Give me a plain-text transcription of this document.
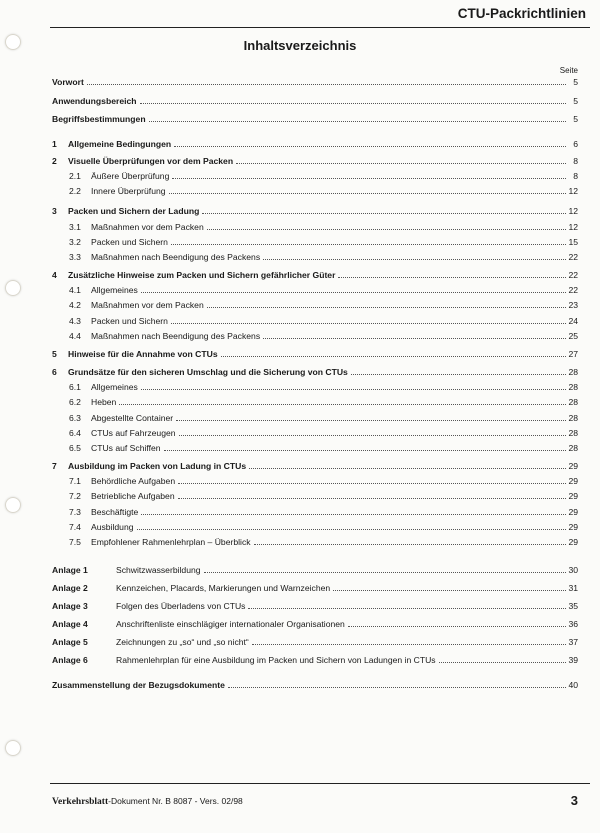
CTU-Packrichtlinien
Inhaltsverzeichnis
Seite
Vorwort	5
Anwendungsbereich	5
Begriffsbestimmungen	5
1	Allgemeine Bedingungen	6
2	Visuelle Überprüfungen vor dem Packen	8
2.1	Äußere Überprüfung	8
2.2	Innere Überprüfung	12
3	Packen und Sichern der Ladung	12
3.1	Maßnahmen vor dem Packen	12
3.2	Packen und Sichern	15
3.3	Maßnahmen nach Beendigung des Packens	22
4	Zusätzliche Hinweise zum Packen und Sichern gefährlicher Güter	22
4.1	Allgemeines	22
4.2	Maßnahmen vor dem Packen	23
4.3	Packen und Sichern	24
4.4	Maßnahmen nach Beendigung des Packens	25
5	Hinweise für die Annahme von CTUs	27
6	Grundsätze für den sicheren Umschlag und die Sicherung von CTUs	28
6.1	Allgemeines	28
6.2	Heben	28
6.3	Abgestellte Container	28
6.4	CTUs auf Fahrzeugen	28
6.5	CTUs auf Schiffen	28
7	Ausbildung im Packen von Ladung in CTUs	29
7.1	Behördliche Aufgaben	29
7.2	Betriebliche Aufgaben	29
7.3	Beschäftigte	29
7.4	Ausbildung	29
7.5	Empfohlener Rahmenlehrplan – Überblick	29
Anlage 1	Schwitzwasserbildung	30
Anlage 2	Kennzeichen, Placards, Markierungen und Warnzeichen	31
Anlage 3	Folgen des Überladens von CTUs	35
Anlage 4	Anschriftenliste einschlägiger internationaler Organisationen	36
Anlage 5	Zeichnungen zu „so“ und „so nicht“	37
Anlage 6	Rahmenlehrplan für eine Ausbildung im Packen und Sichern von Ladungen in CTUs	39
Zusammenstellung der Bezugsdokumente	40
Verkehrsblatt-Dokument Nr. B 8087 - Vers. 02/98	3
